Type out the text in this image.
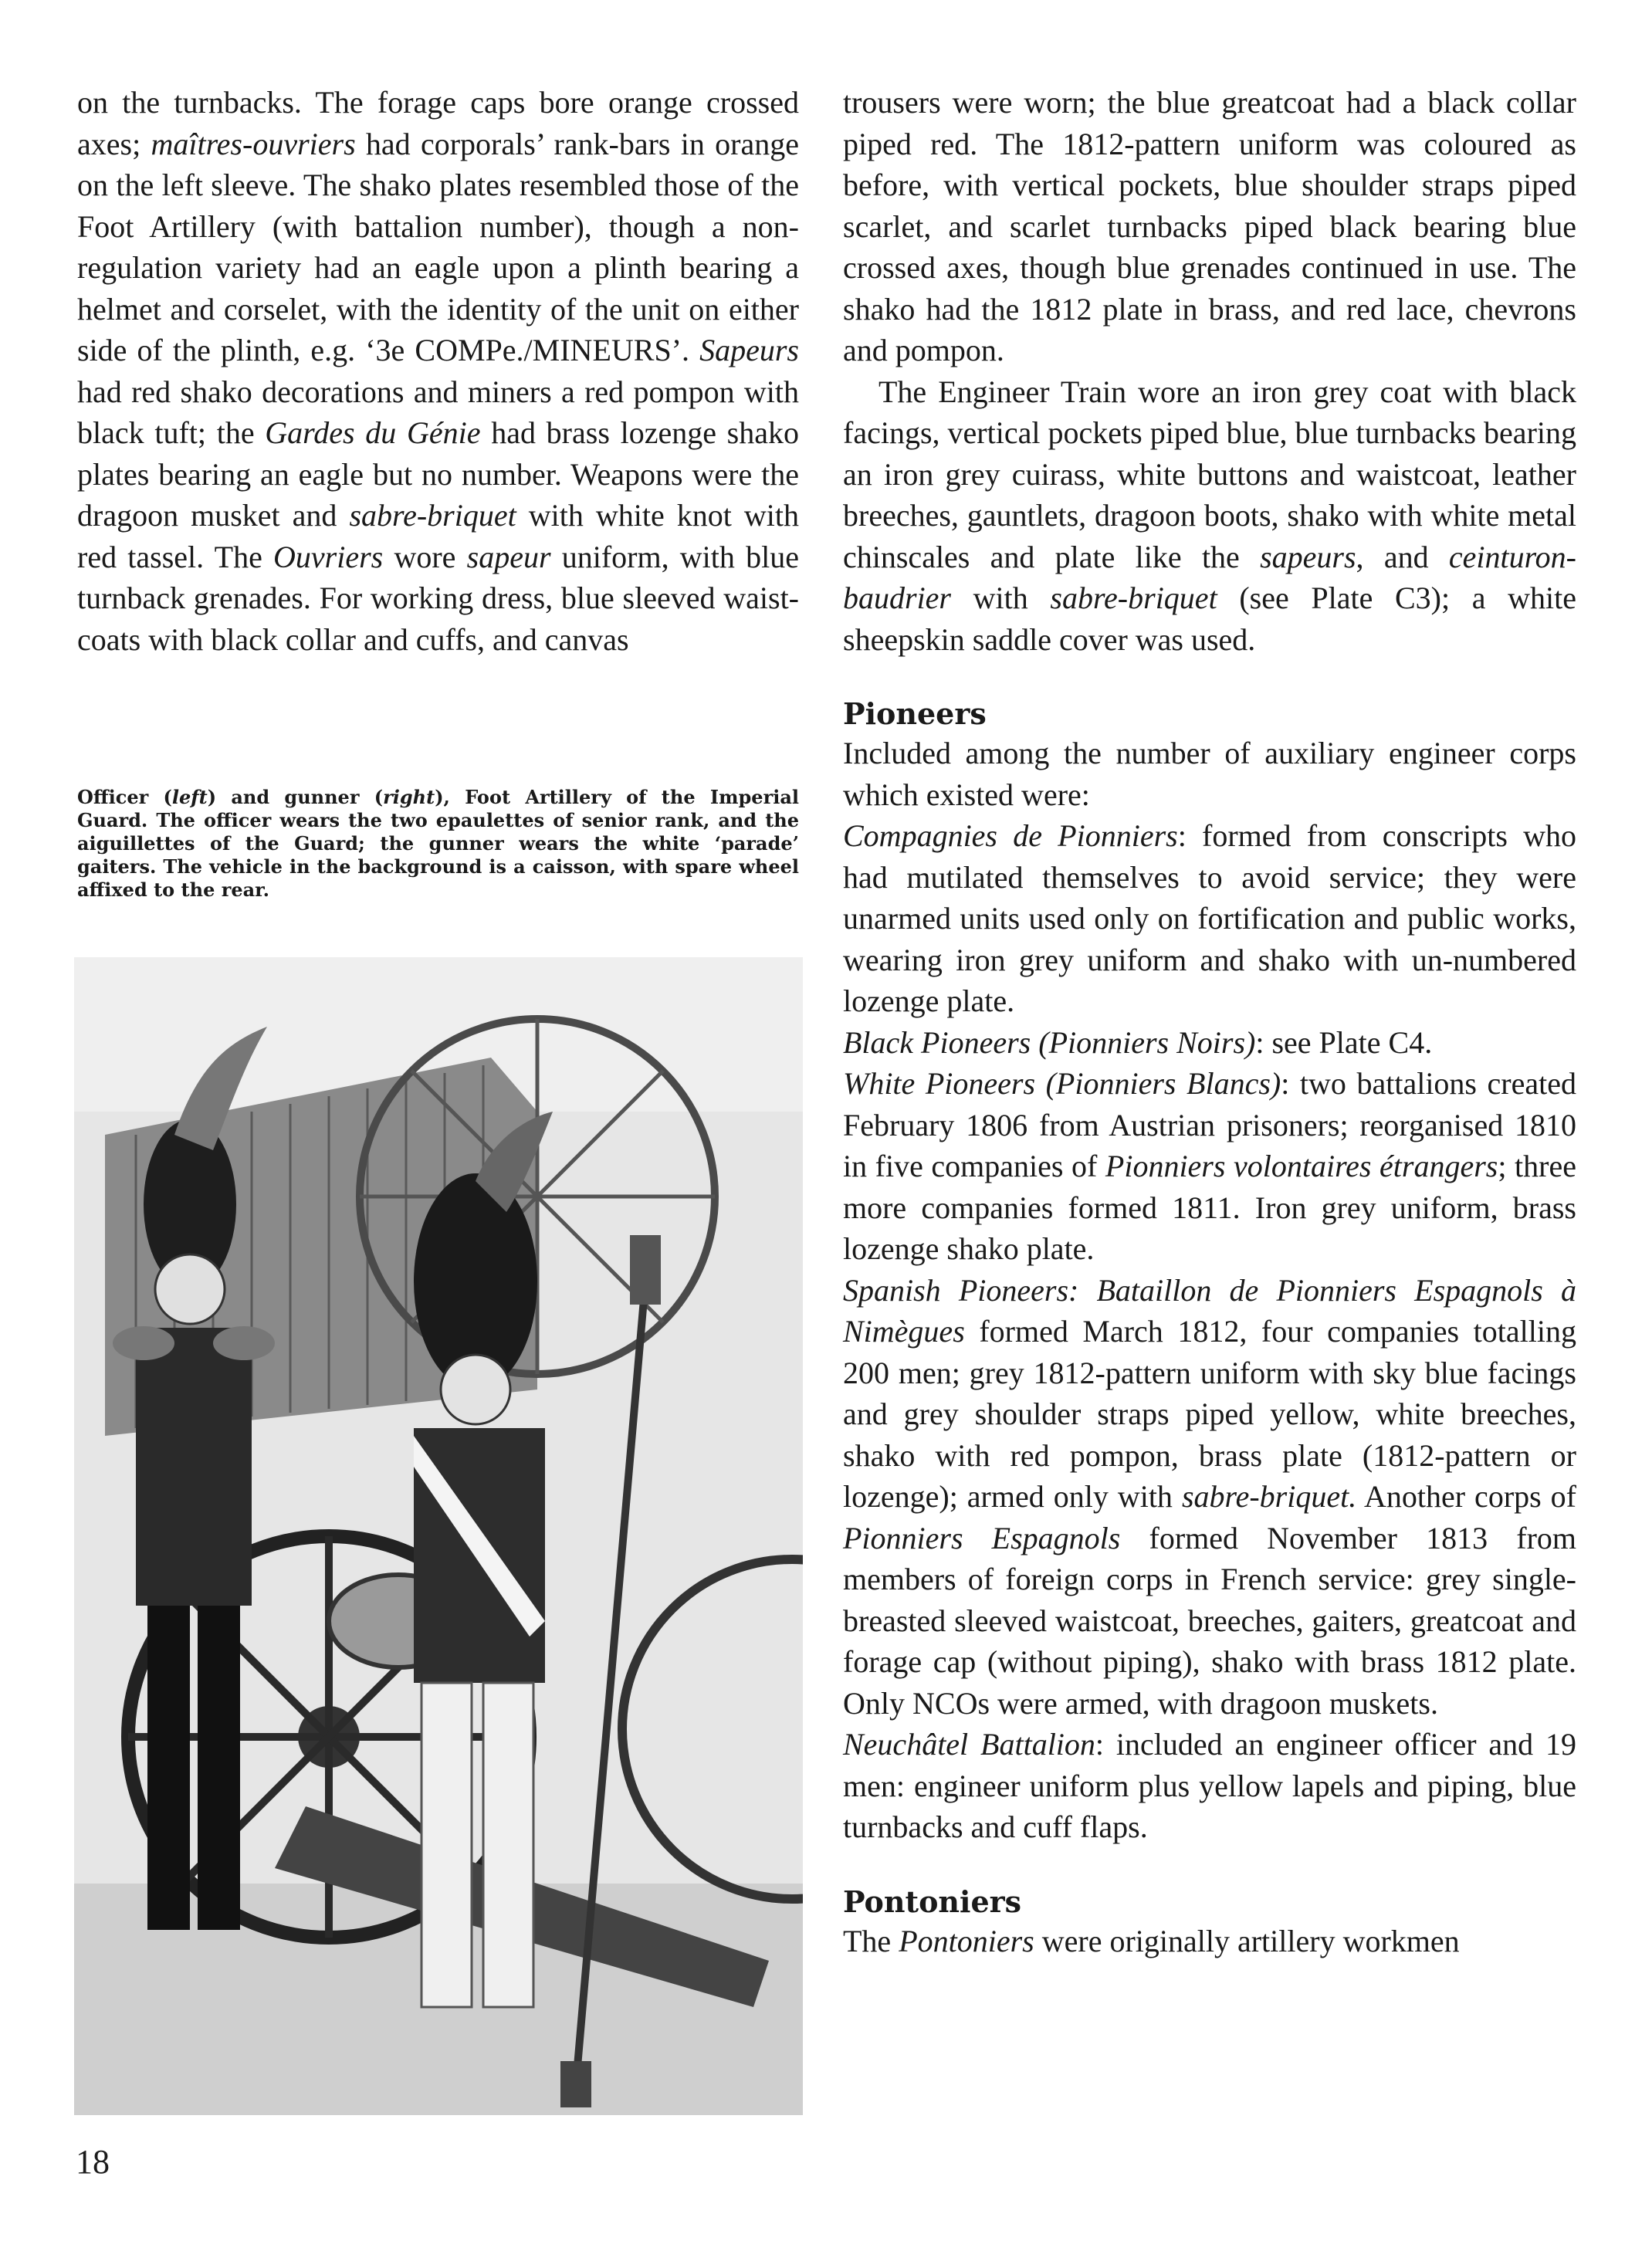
on the turnbacks. The forage caps bore orange crossed axes; maîtres-ouvriers had corporals’ rank-bars in orange on the left sleeve. The shako plates resembled those of the Foot Artillery (with battalion number), though a non-regulation variety had an eagle upon a plinth bearing a helmet and corselet, with the identity of the unit on either side of the plinth, e.g. ‘3e COMPe./MINEURS’. Sapeurs had red shako decorations and miners a red pompon with black tuft; the Gardes du Génie had brass lozenge shako plates bearing an eagle but no number. Weapons were the dragoon musket and sabre-briquet with white knot with red tassel. The Ouvriers wore sapeur uniform, with blue turnback grenades. For working dress, blue sleeved waist-coats with black collar and cuffs, and canvas

Officer (left) and gunner (right), Foot Artillery of the Imperial Guard. The officer wears the two epaulettes of senior rank, and the aiguillettes of the Guard; the gunner wears the white ‘parade’ gaiters. The vehicle in the background is a caisson, with spare wheel affixed to the rear.

trousers were worn; the blue greatcoat had a black collar piped red. The 1812-pattern uniform was coloured as before, with vertical pockets, blue shoulder straps piped scarlet, and scarlet turnbacks piped black bearing blue crossed axes, though blue grenades continued in use. The shako had the 1812 plate in brass, and red lace, chevrons and pompon.

The Engineer Train wore an iron grey coat with black facings, vertical pockets piped blue, blue turnbacks bearing an iron grey cuirass, white buttons and waistcoat, leather breeches, gauntlets, dragoon boots, shako with white metal chinscales and plate like the sapeurs, and ceinturon-baudrier with sabre-briquet (see Plate C3); a white sheepskin saddle cover was used.

Pioneers

Included among the number of auxiliary engineer corps which existed were:

Compagnies de Pionniers: formed from conscripts who had mutilated themselves to avoid service; they were unarmed units used only on fortification and public works, wearing iron grey uniform and shako with un-numbered lozenge plate.

Black Pioneers (Pionniers Noirs): see Plate C4.

White Pioneers (Pionniers Blancs): two battalions created February 1806 from Austrian prisoners; reorganised 1810 in five companies of Pionniers volontaires étrangers; three more companies formed 1811. Iron grey uniform, brass lozenge shako plate.

Spanish Pioneers: Bataillon de Pionniers Espagnols à Nimègues formed March 1812, four companies totalling 200 men; grey 1812-pattern uniform with sky blue facings and grey shoulder straps piped yellow, white breeches, shako with red pompon, brass plate (1812-pattern or lozenge); armed only with sabre-briquet. Another corps of Pionniers Espagnols formed November 1813 from members of foreign corps in French service: grey single-breasted sleeved waistcoat, breeches, gaiters, greatcoat and forage cap (without piping), shako with brass 1812 plate. Only NCOs were armed, with dragoon muskets.

Neuchâtel Battalion: included an engineer officer and 19 men: engineer uniform plus yellow lapels and piping, blue turnbacks and cuff flaps.

Pontoniers

The Pontoniers were originally artillery workmen

18
